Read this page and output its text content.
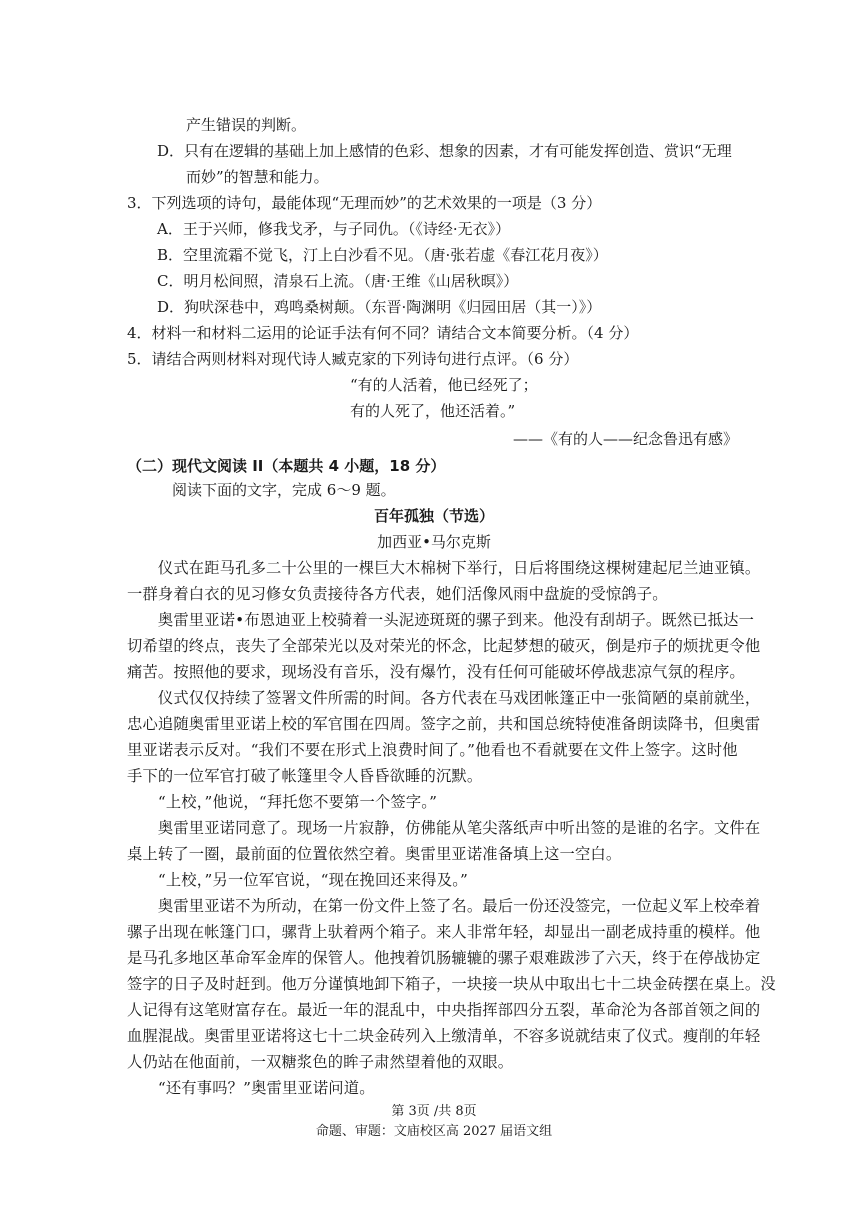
产生错误的判断。
D．只有在逻辑的基础上加上感情的色彩、想象的因素，才有可能发挥创造、赏识“无理
而妙”的智慧和能力。
3．下列选项的诗句，最能体现“无理而妙”的艺术效果的一项是（3 分）
A．王于兴师，修我戈矛，与子同仇。（《诗经·无衣》）
B．空里流霜不觉飞，汀上白沙看不见。（唐·张若虚《春江花月夜》）
C．明月松间照，清泉石上流。（唐·王维《山居秋暝》）
D．狗吠深巷中，鸡鸣桑树颠。（东晋·陶渊明《归园田居（其一）》）
4．材料一和材料二运用的论证手法有何不同？请结合文本简要分析。（4 分）
5．请结合两则材料对现代诗人臧克家的下列诗句进行点评。（6 分）
“有的人活着，他已经死了；
有的人死了，他还活着。”
——《有的人——纪念鲁迅有感》
（二）现代文阅读 II（本题共 4 小题，18 分）
阅读下面的文字，完成 6～9 题。
百年孤独（节选）
加西亚•马尔克斯
　　仪式在距马孔多二十公里的一棵巨大木棉树下举行，日后将围绕这棵树建起尼兰迪亚镇。
一群身着白衣的见习修女负责接待各方代表，她们活像风雨中盘旋的受惊鸽子。
　　奥雷里亚诺•布恩迪亚上校骑着一头泥迹斑斑的骡子到来。他没有刮胡子。既然已抵达一
切希望的终点，丧失了全部荣光以及对荣光的怀念，比起梦想的破灭，倒是疖子的烦扰更令他
痛苦。按照他的要求，现场没有音乐，没有爆竹，没有任何可能破坏停战悲凉气氛的程序。
　　仪式仅仅持续了签署文件所需的时间。各方代表在马戏团帐篷正中一张简陋的桌前就坐，
忠心追随奥雷里亚诺上校的军官围在四周。签字之前，共和国总统特使准备朗读降书，但奥雷
里亚诺表示反对。“我们不要在形式上浪费时间了。”他看也不看就要在文件上签字。这时他
手下的一位军官打破了帐篷里令人昏昏欲睡的沉默。
　　“上校，”他说，“拜托您不要第一个签字。”
　　奥雷里亚诺同意了。现场一片寂静，仿佛能从笔尖落纸声中听出签的是谁的名字。文件在
桌上转了一圈，最前面的位置依然空着。奥雷里亚诺准备填上这一空白。
　　“上校，”另一位军官说，“现在挽回还来得及。”
　　奥雷里亚诺不为所动，在第一份文件上签了名。最后一份还没签完，一位起义军上校牵着
骡子出现在帐篷门口，骡背上驮着两个箱子。来人非常年轻，却显出一副老成持重的模样。他
是马孔多地区革命军金库的保管人。他拽着饥肠辘辘的骡子艰难跋涉了六天，终于在停战协定
签字的日子及时赶到。他万分谨慎地卸下箱子，一块接一块从中取出七十二块金砖摆在桌上。没
人记得有这笔财富存在。最近一年的混乱中，中央指挥部四分五裂，革命沦为各部首领之间的
血腥混战。奥雷里亚诺将这七十二块金砖列入上缴清单，不容多说就结束了仪式。瘦削的年轻
人仍站在他面前，一双糖浆色的眸子肃然望着他的双眼。
　　“还有事吗？”奥雷里亚诺问道。
第 3页 /共 8页
命题、审题：文庙校区高 2027 届语文组
